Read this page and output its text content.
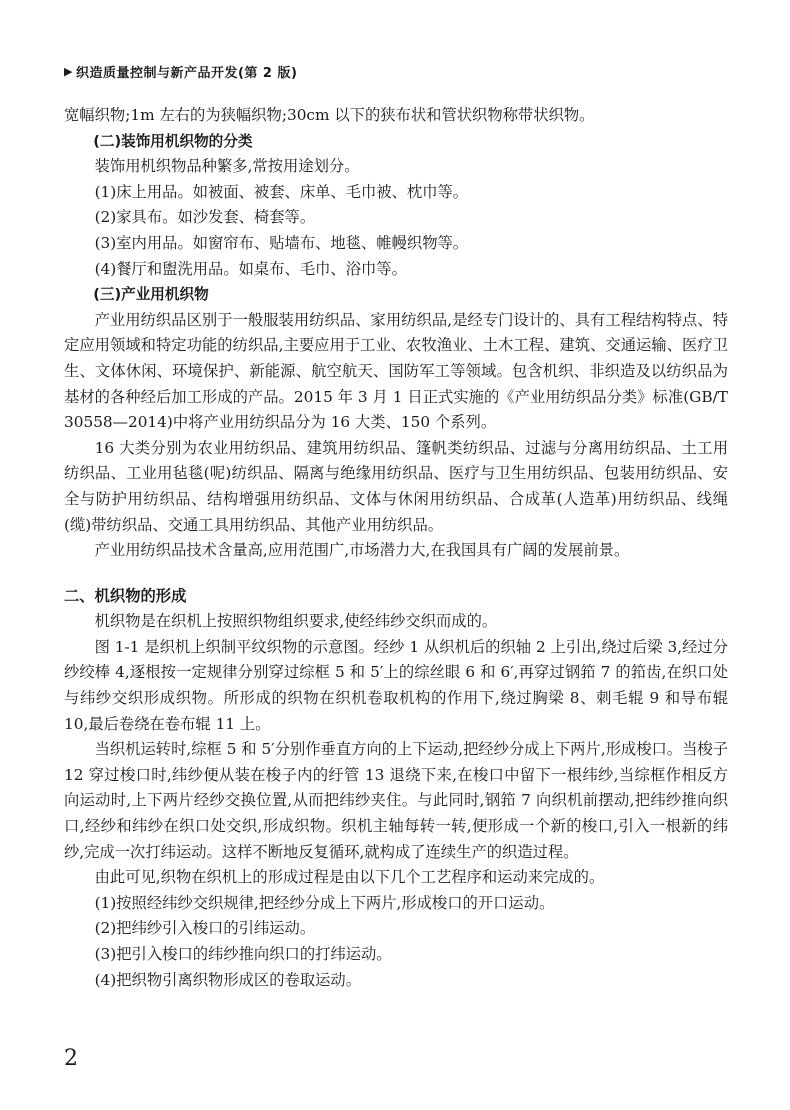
▶ 织造质量控制与新产品开发(第 2 版)

宽幅织物;1m 左右的为狭幅织物;30cm 以下的狭布状和管状织物称带状织物。

(二)装饰用机织物的分类

装饰用机织物品种繁多,常按用途划分。

(1)床上用品。如被面、被套、床单、毛巾被、枕巾等。

(2)家具布。如沙发套、椅套等。

(3)室内用品。如窗帘布、贴墙布、地毯、帷幔织物等。

(4)餐厅和盥洗用品。如桌布、毛巾、浴巾等。

(三)产业用机织物

产业用纺织品区别于一般服装用纺织品、家用纺织品,是经专门设计的、具有工程结构特点、特定应用领域和特定功能的纺织品,主要应用于工业、农牧渔业、土木工程、建筑、交通运输、医疗卫生、文体休闲、环境保护、新能源、航空航天、国防军工等领域。包含机织、非织造及以纺织品为基材的各种经后加工形成的产品。2015 年 3 月 1 日正式实施的《产业用纺织品分类》标准(GB/T 30558—2014)中将产业用纺织品分为 16 大类、150 个系列。

16 大类分别为农业用纺织品、建筑用纺织品、篷帆类纺织品、过滤与分离用纺织品、土工用纺织品、工业用毡毯(呢)纺织品、隔离与绝缘用纺织品、医疗与卫生用纺织品、包装用纺织品、安全与防护用纺织品、结构增强用纺织品、文体与休闲用纺织品、合成革(人造革)用纺织品、线绳(缆)带纺织品、交通工具用纺织品、其他产业用纺织品。

产业用纺织品技术含量高,应用范围广,市场潜力大,在我国具有广阔的发展前景。

二、机织物的形成

机织物是在织机上按照织物组织要求,使经纬纱交织而成的。

图 1-1 是织机上织制平纹织物的示意图。经纱 1 从织机后的织轴 2 上引出,绕过后梁 3,经过分纱绞棒 4,逐根按一定规律分别穿过综框 5 和 5′上的综丝眼 6 和 6′,再穿过钢筘 7 的筘齿,在织口处与纬纱交织形成织物。所形成的织物在织机卷取机构的作用下,绕过胸梁 8、刺毛辊 9 和导布辊 10,最后卷绕在卷布辊 11 上。

当织机运转时,综框 5 和 5′分别作垂直方向的上下运动,把经纱分成上下两片,形成梭口。当梭子 12 穿过梭口时,纬纱便从装在梭子内的纡管 13 退绕下来,在梭口中留下一根纬纱,当综框作相反方向运动时,上下两片经纱交换位置,从而把纬纱夹住。与此同时,钢筘 7 向织机前摆动,把纬纱推向织口,经纱和纬纱在织口处交织,形成织物。织机主轴每转一转,便形成一个新的梭口,引入一根新的纬纱,完成一次打纬运动。这样不断地反复循环,就构成了连续生产的织造过程。

由此可见,织物在织机上的形成过程是由以下几个工艺程序和运动来完成的。

(1)按照经纬纱交织规律,把经纱分成上下两片,形成梭口的开口运动。

(2)把纬纱引入梭口的引纬运动。

(3)把引入梭口的纬纱推向织口的打纬运动。

(4)把织物引离织物形成区的卷取运动。

2
